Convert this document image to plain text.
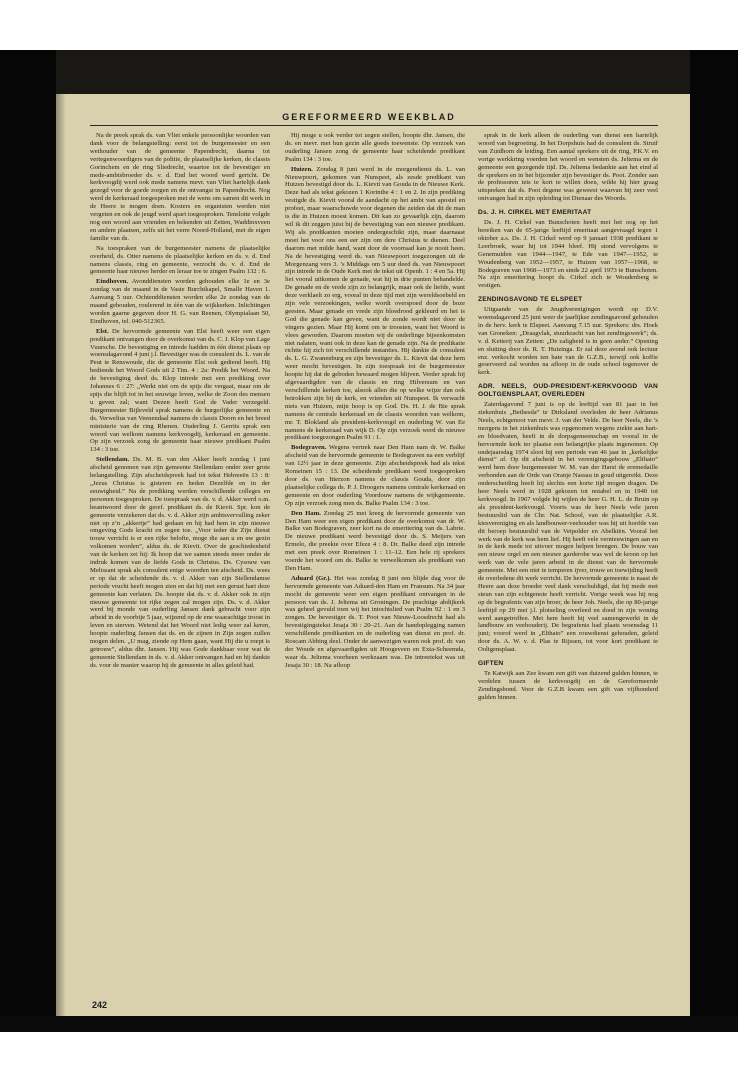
GEREFORMEERD WEEKBLAD

Na de preek sprak ds. van Vliet enkele persoonlijke woorden van dank voor de belangstelling: eerst tot de burgemeester en een wethouder van de gemeente Papendrecht, daarna tot vertegenwoordigers van de politie, de plaatselijke kerken, de classis Gorinchem en de ring Sliedrecht, waartoe tot de bevestiger en mede-ambtsbroeder ds. v. d. End het woord werd gericht. De kerkvoogdij werd ook mede namens mevr. van Vliet hartelijk dank gezegd voor de goede zorgen en de ontvangst in Papendrecht. Nog werd de kerkeraad toegesproken met de wens om samen dit werk in de Heere te mogen doen. Kosters en organisten werden niet vergeten en ook de jeugd werd apart toegesproken. Tenslotte volgde nog een woord aan vrienden en bekenden uit Zetten, Waddinxveen en andere plaatsen, zelfs uit het verre Noord-Holland, met de eigen familie van ds.

Na toespraken van de burgemeester namens de plaatselijke overheid, ds. Otter namens de plaatselijke kerken en ds. v. d. End namens classis, ring en gemeente, verzocht ds. v. d. End de gemeente haar nieuwe herder en leraar toe te zingen Psalm 132 : 6.

Eindhoven. Avonddiensten worden gehouden elke 1e en 3e zondag van de maand in de Vaste Burchtkapel, Smalle Haven 1. Aanvang 5 uur. Ochtenddiensten worden elke 2e zondag van de maand gehouden, roulerend in één van de wijkkerken. Inlichtingen worden gaarne gegeven door H. G. van Reenen, Olympialaan 50, Eindhoven, tel. 040-512365.

Elst. De hervormde gemeente van Elst heeft weer een eigen predikant ontvangen door de overkomst van ds. C. J. Klop van Lage Vuursche. De bevestiging en intrede hadden in één dienst plaats op woensdagavond 4 juni j.l. Bevestiger was de consulent ds. L. van de Peut te Renswoude, die de gemeente Elst ook gediend heeft. Hij bediende het Woord Gods uit 2 Tim. 4 : 2a: Predik het Woord. Na de bevestiging deed ds. Klop intrede met een prediking over Johannes 6 : 27: „Werkt niet om de spijs die vergaat, maar om de spijs die blijft tot in het eeuwige leven, welke de Zoon des mensen u geven zal; want Dezen heeft God de Vader verzegeld. Burgemeester Bijleveld sprak namens de burgerlijke gemeente en ds. Verwelius van Veenendaal namens de classis Doorn en het breed ministerie van de ring Rhenen. Ouderling J. Gerrits sprak een woord van welkom namens kerkvoogdij, kerkeraad en gemeente. Op zijn verzoek zong de gemeente haar nieuwe predikant Psalm 134 : 3 toe.

Stellendam. Ds. M. B. van den Akker heeft zondag 1 juni afscheid genomen van zijn gemeente Stellendam onder zeer grote belangstelling. Zijn afscheidspreek had tot tekst Hebreeën 13 : 8: „Jezus Christus is gisteren en heden Dezelfde en in der eeuwigheid.” Na de prediking werden verschillende colleges en personen toegesproken. De toespraak van ds. v. d. Akker werd o.m. beantwoord door de geref. predikant ds. de Kievit. Spr. kon de gemeente verzekeren dat ds. v. d. Akker zijn ambtsvervulling zeker niet op z’n „akkertje” had gedaan en hij had hem in zijn nieuwe omgeving Gods kracht en zegen toe. „Voor ieder die Zijn dienst trouw verricht is er een rijke belofte, moge die aan u en uw gezin volkomen worden”, aldus ds. de Kievit. Over de geschiedenheid van de kerken zei hij: Ik hoop dat we samen steeds meer onder de indruk komen van de liefde Gods in Christus. Ds. Cysouw van Melissant sprak als consulent enige woorden ten afscheid. Ds. wees er op dat de scheidende ds. v. d. Akker van zijn Stellendamse periode vrucht heeft mogen zien en dat hij met een gerust hart deze gemeente kan verlaten. Ds. hoopte dat ds. v. d. Akker ook in zijn nieuwe gemeente tot rijke zegen zal mogen zijn. Ds. v. d. Akker werd bij monde van ouderling Jansen dank gebracht voor zijn arbeid in de voorbije 5 jaar, wijzend op de ene waarachtige troost in leven en sterven. Wetend dat het Woord niet ledig weer zal keren, hoopte ouderling Jansen dat ds. en de zijnen in Zijn zegen zullen mogen delen. „U mag, ziende op Hem gaan, want Hij die u roept is getrouw”, aldus dhr. Jansen. Hij was Gode dankbaar voor wat de gemeente Stellendam in ds. v. d. Akker ontvangen had en hij dankte ds. voor de manier waarop hij de gemeente in alles geleid had.

Hij moge u ook verder tot zegen stellen, hoopte dhr. Jansen, die ds. en mevr. met hun gezin alle goeds toewenste. Op verzoek van ouderling Jansen zong de gemeente haar scheidende predikant Psalm 134 : 3 toe.

Huizen. Zondag 8 juni werd in de morgendienst ds. L. van Nieuwpoort, gekomen van Nunspeet, als zesde predikant van Huizen bevestigd door ds. L. Kievit van Gouda in de Nieuwe Kerk. Deze had als tekst gekozen 1 Korinthe 4 : 1 en 2. In zijn prediking vestigde ds. Kievit vooral de aandacht op het ambt van apostel en profeet, maar waarschuwde voor degenen die zeiden dat dit de man is die in Huizen moest komen. Dit kan zo gevaarlijk zijn, daarom wil ik dit zeggen juist bij de bevestiging van een nieuwe predikant. Wij als predikanten moeten ondergeschikt zijn, maar daarnaast moet het voor ons een eer zijn om dere Christus te dienen. Deel daarom met milde hand, want door de voorraad kan je nooit heen. Na de bevestiging werd ds. van Nieuwpoort toegezongen uit de Morgenzang vers 3. ’s Middags om 5 uur deed ds. van Nieuwpoort zijn intrede in de Oude Kerk met de tekst uit Openb. 1 : 4 en 5a. Hij liet vooral uitkomen de genade, wat hij in drie punten behandelde. De genade en de vrede zijn zo belangrijk, maar ook de liefde, want deze verklaelt zo erg, vooral in deze tijd met zijn wereldsoebeld en zijn vele verzoekingen, welke wordt overspoed door de boze geesten. Maar genade en vrede zijn bloedrood gekleurd en het is God die genade kan geven, want de zonde wordt niet door de vingers gezien. Maar Hij komt om te troosten, want het Woord is vlees geworden. Daarom moeten wij de onderlinge bijeenkomsten niet nalaten, want ook in deze kan de genade zijn. Na de predikatie richtte hij zich tot verschillende instanties. Hij dankte de consulent ds. L. G. Zwanenburg en zijn bevestiger ds. L. Kievit dat deze hem weer mocht bevestigen. In zijn toespraak tot de burgemeester hoopte hij dat de geboden bewaard mogen blijven. Verder sprak hij afgevaardigden van de classis en ring Hilversum en van verschillende kerken toe, alsook allen die op welke wijze dan ook betrokken zijn bij de kerk, en vrienden uit Nunspeet. Ik verwacht niets van Huizen, mijn hoop is op God. Ds. H. J. de Bie sprak namens de centrale kerkeraad en de classis woorden van welkom, mr. T. Blokland als president-kerkvoogd en ouderling W. van Ee namens de kerkeraad van wijk D. Op zijn verzoek werd de nieuwe predikant toegezongen Psalm 91 : 1.

Bodegraven. Wegens vertrek naar Den Ham nam dr. W. Balke afscheid van de hervormde gemeente te Bodegraven na een verblijf van 12½ jaar in deze gemeente. Zijn afscheidspreek had als tekst Romeinen 15 : 13. De scheidende predikant werd toegesproken door ds. van Itterzon namens de classis Gouda, door zijn plaatselijke collega ds. P. J. Droogers namens centrale kerkeraad en gemeente en door ouderling Voordouw namens de wijkgemeente. Op zijn verzoek zong men ds. Balke Psalm 134 : 3 toe.

Den Ham. Zondag 25 mei kreeg de hervormde gemeente van Den Ham weer een eigen predikant door de overkomst van dr. W. Balke van Bodegraven, zeer kort na de emeritering van ds. Labrie. De nieuwe predikant werd bevestigd door ds. S. Meijers van Ermelo, die preekte over Efeze 4 : 8. Dr. Balke deed zijn intrede met een preek over Romeinen 1 : 11–12. Een hele rij sprekers voerde het woord om ds. Balke te verwelkomen als predikant van Den Ham.

Aduard (Gr.). Het was zondag 8 juni een blijde dag voor de hervormde gemeente van Aduard-den Ham en Fransum. Na 34 jaar mocht de gemeente weer een eigen predikant ontvangen in de persoon van ds. J. Jeltema uit Groningen. De prachtige abdijkerk was geheel gevuld toen wij het intochtslied van Psalm 92 : 1 en 3 zongen. De bevestiger ds. T. Poot van Nieuw-Loosdrecht had als bevestigingstekst Jesaja 30 : 20–21. Aan de handoplegging namen verschillende predikanten en de ouderling van dienst en prof. dr. Roscam Abbing deel. Onder de aanwezigen waren ook prof. dr. van der Woude en afgevaardigden uit Hoogeveen en Exta-Scheemda, waar ds. Jeltema voorheen werkzaam was. De intreetekst was uit Jesaja 30 : 18. Na afloop

sprak in de kerk alleen de ouderling van dienst een hartelijk woord van begroeting. In het Dorpshuis had de consulent ds. Struif van Zuidhorn de leiding. Een aantal sprekers uit de ring, P.K.V. en vorige werkkring voerden het woord en wensten ds. Jeltema en de gemeente een gezegende tijd. Ds. Jeltema bedankte aan het eind al de sprekers en in het bijzonder zijn bevestiger ds. Poot. Zonder aan de professoren iets te kort te willen doen, wilde hij hier graag uitspreken dat ds. Poot degene was geweest waarvan hij zeer veel ontvangen had in zijn opleiding tot Dienaar des Woords.

Ds. J. H. CIRKEL MET EMERITAAT

Ds. J. H. Cirkel van Bunschoten heeft met het oog op het bereiken van de 65-jarige leeftijd emeritaat aangevraagd tegen 1 oktober a.s. Ds. J. H. Cirkel werd op 9 januari 1938 predikant te Leerbroek, waar hij tot 1944 bleef. Hij stond vervolgens te Genemuiden van 1944—1947, te Ede van 1947—1952, te Woudenberg van 1952—1957, te Huizen van 1957—1968, te Bodegraven van 1968—1973 en sinds 22 april 1973 te Bunschoten. Na zijn emeritering hoopt ds. Cirkel zich te Woudenberg te vestigen.

ZENDINGSAVOND TE ELSPEET

Uitgaande van de Jeugdverenigingen wordt op D.V. woensdagavond 25 juni weer de jaarlijkse zendingsavond gehouden in de herv. kerk te Elspeet. Aanvang 7.15 uur. Sprekers: drs. Hoek van Groneken: „Draagvlak, stuurkracht van het zendingswerk”; ds. v. d. Ketterij van Zetten: „De zaligheid is in geen ander.” Opening en sluiting door ds. R. T. Huizinga. Er zal deze avond ook lectuur enz. verkocht worden ten bate van de G.Z.B., terwijl ook koffie geserveerd zal worden na afloop in de oude school tegenover de kerk.

ADR. NEELS, OUD-PRESIDENT-KERKVOOGD VAN OOLTGENSPLAAT, OVERLEDEN

Zaterdagavond 7 juni is op de leeftijd van 81 jaar in het ziekenhuis „Bethesda” te Dirksland overleden de heer Adrianus Neels, echtgenoot van mevr. J. van der Velde. De heer Neels, die ’s morgens in het ziekenhuis was opgenomen wegens ziekte aan hart- en bloedvaten, heeft in de dorpsgemeenschap en vooral in de hervormde kerk ter plaatse een belangrijke plaats ingenomen. Op ondejaarsdag 1974 sloot hij een periode van 46 jaar in „kerkelijke dienst” af. Op dit afscheid in het verenigingsgebouw „Elthato” werd hem door burgemeester W. M. van der Harst de eremedaille verbonden aan de Orde van Oranje Nassau in goud uitgereikt. Deze onderscheiding heeft hij slechts een korte tijd mogen dragen. De heer Neels werd in 1928 gekozen tot notabel en in 1940 tot kerkvoogd. In 1967 volgde hij wijlen de heer G. H. L. de Bruin op als president-kerkvoogd. Voorts was de heer Neels vele jaren bestuurslid van de Chr. Nat. School, van de plaatselijke A.R. kiesvereniging en als landbouwer-veehouder was hij uit hoofde van dit beroep bestuurslid van de Veipolder en Abelkiën. Vooral het werk van de kerk was hem lief. Hij heeft vele vernieuwingen aan en in de kerk mede tot uitvoer mogen helpen brengen. De bouw van een nieuw orgel en een nieuwe garderobe was wel de kroon op het werk van de vele jaren arbeid in de dienst van de hervormde gemeente. Met een niet te temperen ijver, trouw en toewijding heeft de overledene dit werk verricht. De hervormde gemeente is naast de Heere aan deze broeder veel dank verschuldigd, dat hij mede met steun van zijn echtgenote heeft verricht. Vorige week was hij nog op de begrafenis van zijn broer, de heer Joh. Neels, die op 80-jarige leeftijd op 29 mei j.l. plotseling overleed en dood in zijn woning werd aangetroffen. Met hem heeft hij veel samengewerkt in de landbouw en veehouderij. De begrafenis had plaats woensdag 11 juni; voorof werd in „Elthato” een rouwdienst gehouden, geleid door ds. A. W. v. d. Plas te Rijssen, tot voor kort predikant te Ooltgensplaat.

GIFTEN

Te Katwijk aan Zee kwam een gift van duizend gulden binnen, te verdelen tussen de kerkvoogdij en de Gereformeerde Zendingsbond. Voor de G.Z.B kwam een gift van vijfhonderd gulden binnen.

242
